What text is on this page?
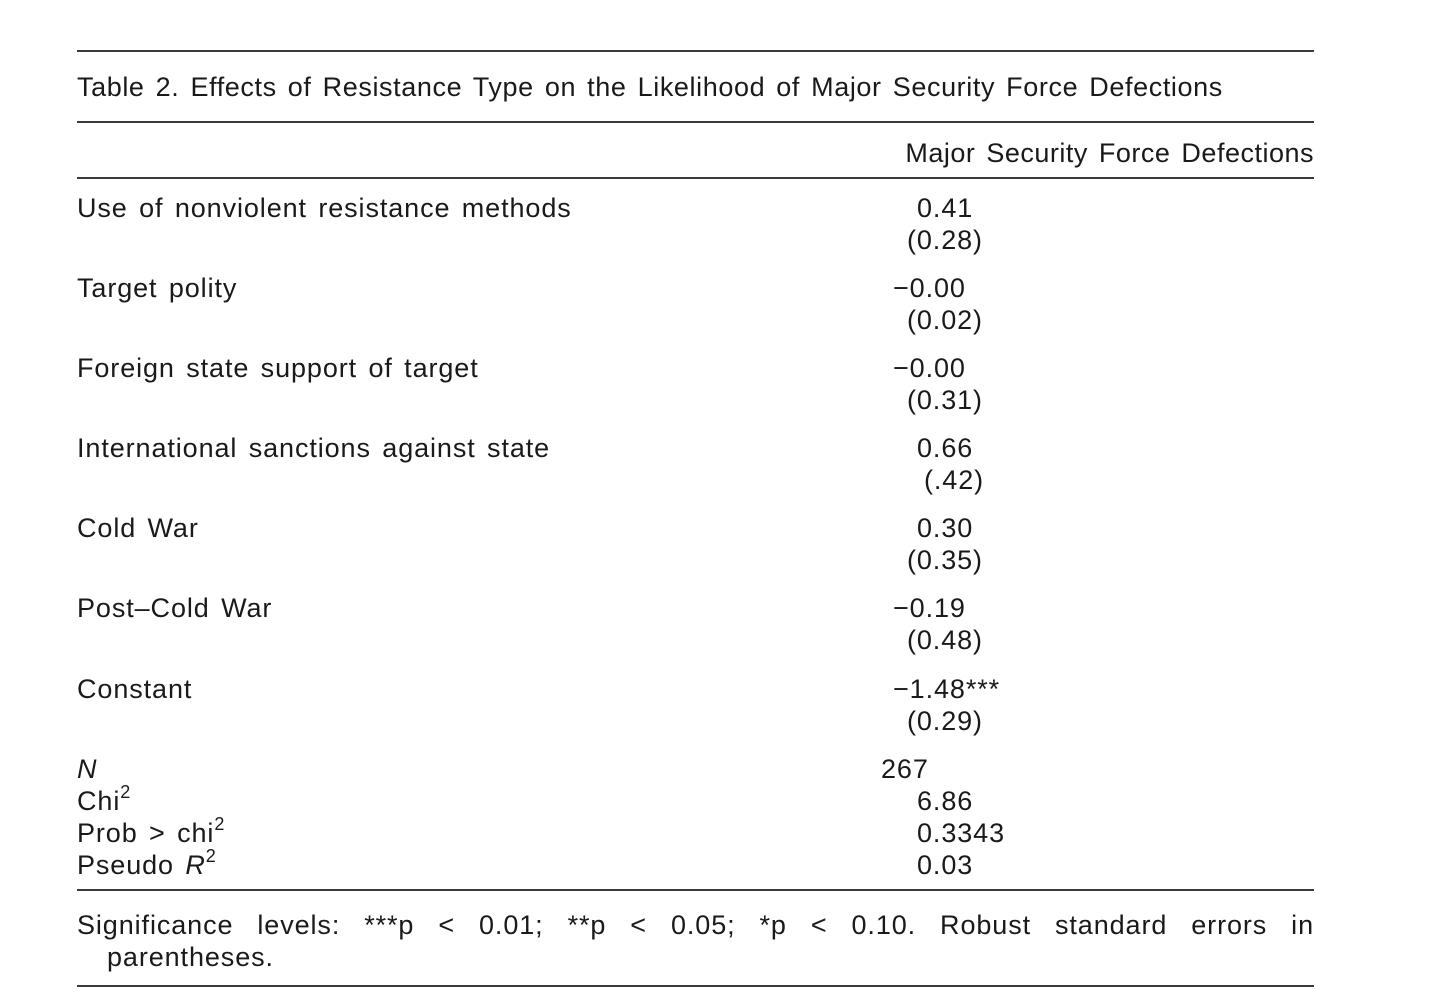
Table 2. Effects of Resistance Type on the Likelihood of Major Security Force Defections
Major Security Force Defections
Use of nonviolent resistance methods	0.41
(0.28)
Target polity	−0.00
(0.02)
Foreign state support of target	−0.00
(0.31)
International sanctions against state	0.66
(.42)
Cold War	0.30
(0.35)
Post–Cold War	−0.19
(0.48)
Constant	−1.48***
(0.29)
N	267
Chi$^2$	6.86
Prob > chi$^2$	0.3343
Pseudo $R^2$	0.03
Significance levels: ***p < 0.01; **p < 0.05; *p < 0.10. Robust standard errors in
parentheses.
